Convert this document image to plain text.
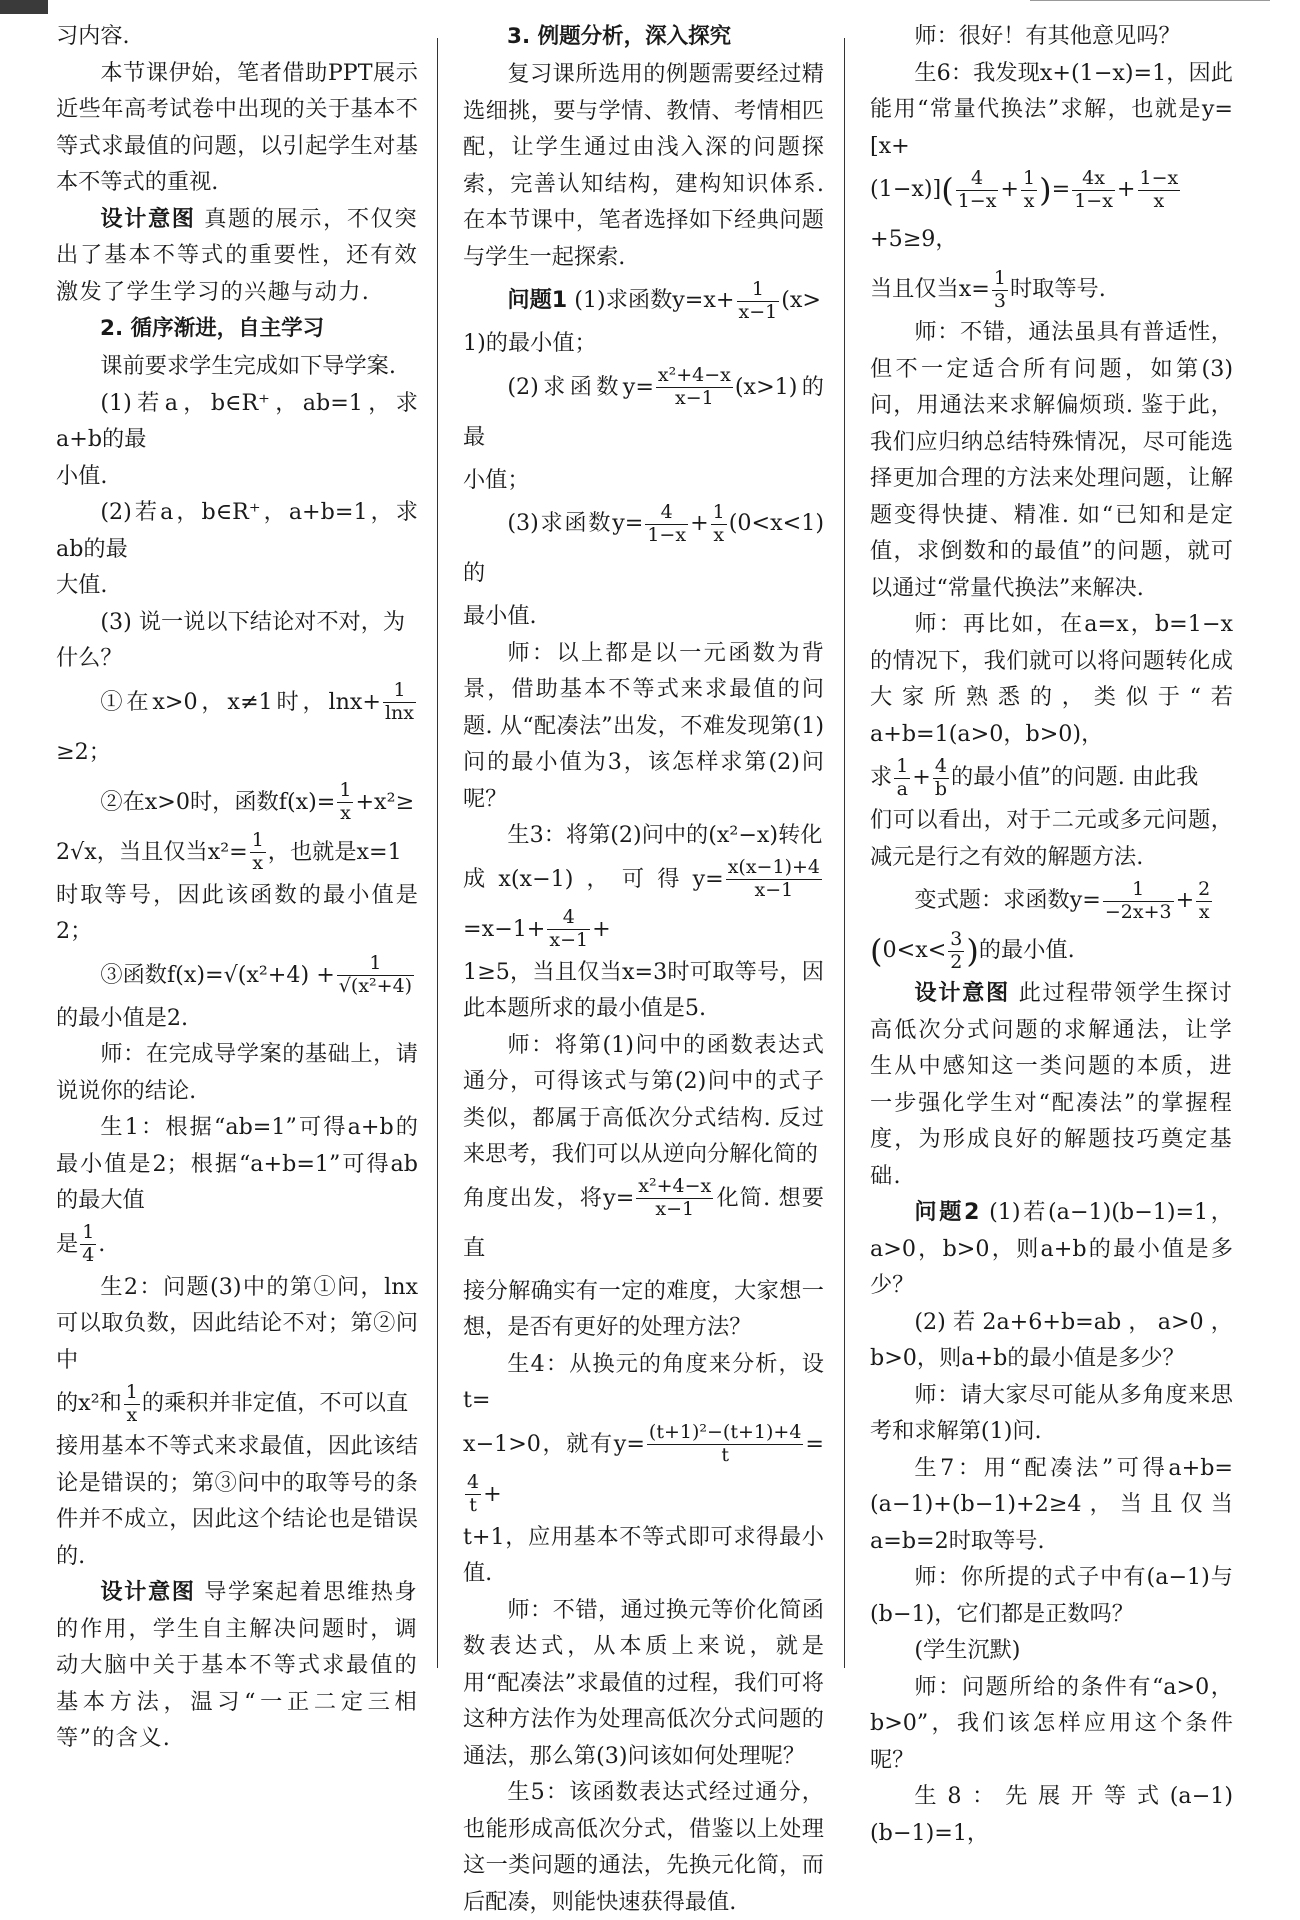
习内容.

本节课伊始，笔者借助PPT展示近些年高考试卷中出现的关于基本不等式求最值的问题，以引起学生对基本不等式的重视.

设计意图 真题的展示，不仅突出了基本不等式的重要性，还有效激发了学生学习的兴趣与动力.

2. 循序渐进，自主学习

课前要求学生完成如下导学案.

(1)若a，b∈R⁺，ab=1，求a+b的最

小值.

(2)若a，b∈R⁺，a+b=1，求ab的最

大值.

(3) 说一说以下结论对不对，为

什么？

①在x>0，x≠1时，$\ln x+ \frac{1}{\ln x}$
≥2；

②在x>0时，函数$f(x)= \frac{1}{x} +x^2\ge$

2√x，当且仅当$x^2= \frac{1}{x}$ ，也就是x=1

时取等号，因此该函数的最小值是2；

③函数$f(x)=√(x^2+4) + \frac{1}{\text{√(x²+4)}}$

的最小值是2.

师：在完成导学案的基础上，请说说你的结论.

生1：根据“ab=1”可得a+b的最小值是2；根据“a+b=1”可得ab的最大值

是 $\frac{1}{4}$ .

生2：问题(3)中的第①问，lnx可以取负数，因此结论不对；第②问中

的x²和 $\frac{1}{x}$ 的乘积并非定值，不可以直

接用基本不等式来求最值，因此该结论是错误的；第③问中的取等号的条件并不成立，因此这个结论也是错误的.

设计意图 导学案起着思维热身的作用，学生自主解决问题时，调动大脑中关于基本不等式求最值的基本方法，温习“一正二定三相等”的含义.

3. 例题分析，深入探究

复习课所选用的例题需要经过精选细挑，要与学情、教情、考情相匹配，让学生通过由浅入深的问题探索，完善认知结构，建构知识体系. 在本节课中，笔者选择如下经典问题与学生一起探索.

问题1 (1)求函数$y=x+ \frac{1}{x-1} (x>$

1)的最小值；

(2)求函数$y= \frac{\text{x²+4−x}}{x-1} (x>1)$的最

小值；

(3)求函数$y= \frac{4}{1-x} + \frac{1}{x} (0<x<1)$的

最小值.

师：以上都是以一元函数为背景，借助基本不等式来求最值的问题. 从“配凑法”出发，不难发现第(1)问的最小值为3，该怎样求第(2)问呢？

生3：将第(2)问中的(x²−x)转化

成x(x−1)，可得$y= \frac{x(x-1)+4}{x-1}$
$=x-1+ \frac{4}{x-1}$ +

1≥5，当且仅当x=3时可取等号，因此本题所求的最小值是5.

师：将第(1)问中的函数表达式通分，可得该式与第(2)问中的式子类似，都属于高低次分式结构. 反过来思考，我们可以从逆向分解化简的

角度出发，将$y= \frac{\text{x²+4−x}}{x-1}$ 化简. 想要直

接分解确实有一定的难度，大家想一想，是否有更好的处理方法？

生4：从换元的角度来分析，设t=

x−1>0，就有$y= \frac{\text{(t+1)²−(t+1)+4}}{t}$ =
$\frac{4}{t}$ +

t+1，应用基本不等式即可求得最小值.

师：不错，通过换元等价化简函数表达式，从本质上来说，就是用“配凑法”求最值的过程，我们可将这种方法作为处理高低次分式问题的通法，那么第(3)问该如何处理呢？

生5：该函数表达式经过通分，也能形成高低次分式，借鉴以上处理这一类问题的通法，先换元化简，而后配凑，则能快速获得最值.

师：很好！有其他意见吗？

生6：我发现x+(1−x)=1，因此能用“常量代换法”求解，也就是y=[x+

$(1-x)]( \frac{4}{1-x} + \frac{1}{x}$ )= $\frac{4x}{1-x} + \frac{1-x}{x}$
+5≥9，

当且仅当$x= \frac{1}{3}$ 时取等号.

师：不错，通法虽具有普适性，但不一定适合所有问题，如第(3)问，用通法来求解偏烦琐. 鉴于此，我们应归纳总结特殊情况，尽可能选择更加合理的方法来处理问题，让解题变得快捷、精准. 如“已知和是定值，求倒数和的最值”的问题，就可以通过“常量代换法”来解决.

师：再比如，在a=x，b=1−x的情况下，我们就可以将问题转化成大家所熟悉的，类似于“若a+b=1(a>0，b>0)，

求 $\frac{1}{a} + \frac{4}{b}$ 的最小值”的问题. 由此我

们可以看出，对于二元或多元问题，减元是行之有效的解题方法.

变式题：求函数$y= \frac{1}{-2x+3} + \frac{2}{x}$

($0<x< \frac{3}{2}$ )的最小值.

设计意图 此过程带领学生探讨高低次分式问题的求解通法，让学生从中感知这一类问题的本质，进一步强化学生对“配凑法”的掌握程度，为形成良好的解题技巧奠定基础.

问题2 (1)若(a−1)(b−1)=1，a>0，b>0，则a+b的最小值是多少？

(2)若2a+6+b=ab，a>0，b>0，则a+b的最小值是多少？

师：请大家尽可能从多角度来思考和求解第(1)问.

生7：用“配凑法”可得a+b=(a−1)+(b−1)+2≥4，当且仅当a=b=2时取等号.

师：你所提的式子中有(a−1)与(b−1)，它们都是正数吗？

(学生沉默)

师：问题所给的条件有“a>0，b>0”，我们该怎样应用这个条件呢？

生8：先展开等式(a−1)(b−1)=1，
